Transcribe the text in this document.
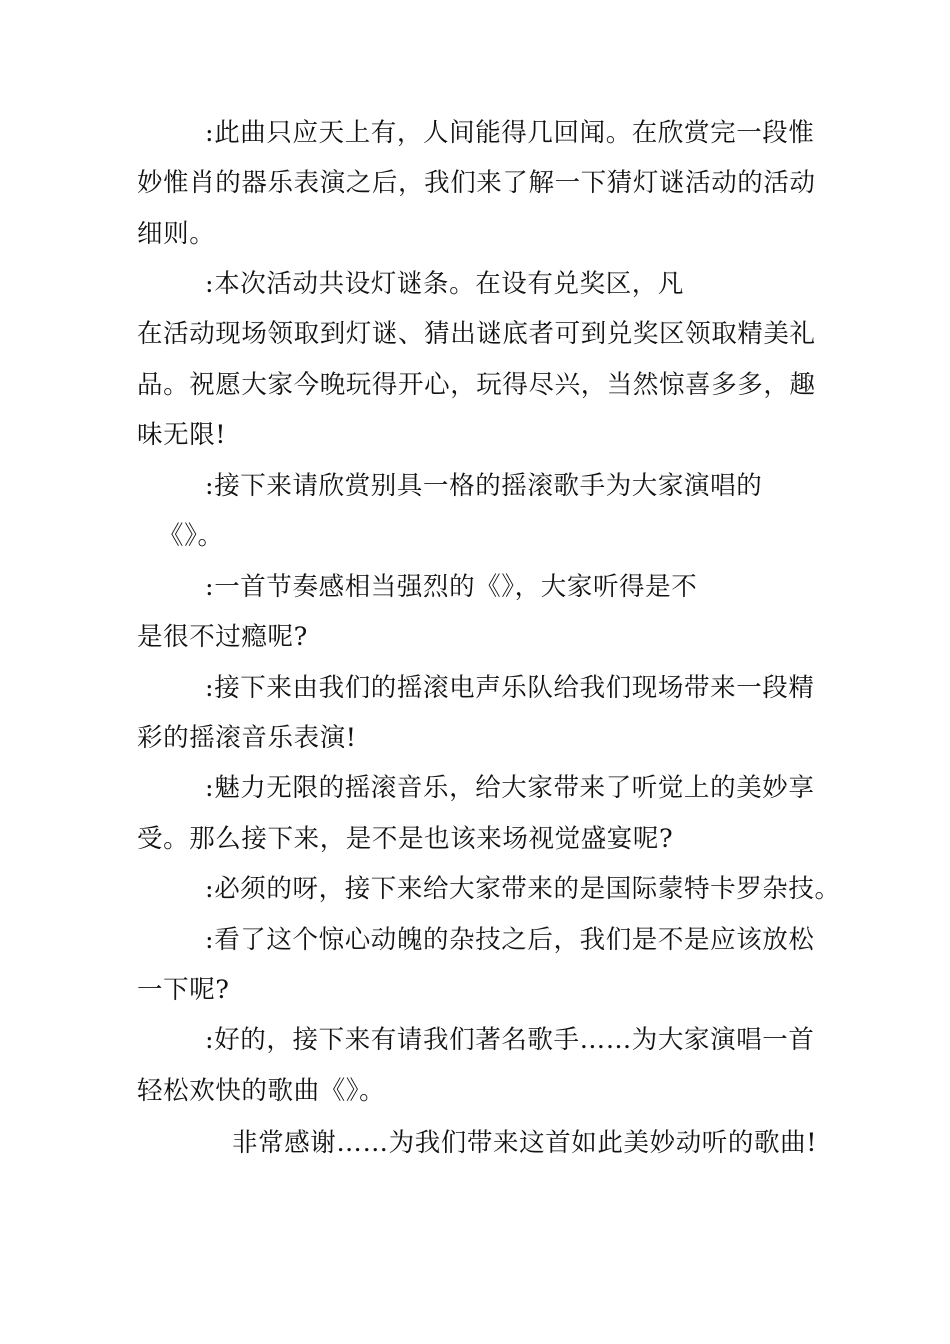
:此曲只应天上有，人间能得几回闻。在欣赏完一段惟
妙惟肖的器乐表演之后，我们来了解一下猜灯谜活动的活动
细则。
:本次活动共设灯谜条。在设有兑奖区，凡
在活动现场领取到灯谜、猜出谜底者可到兑奖区领取精美礼
品。祝愿大家今晚玩得开心，玩得尽兴，当然惊喜多多，趣
味无限!
:接下来请欣赏别具一格的摇滚歌手为大家演唱的
《》。
:一首节奏感相当强烈的《》，大家听得是不
是很不过瘾呢?
:接下来由我们的摇滚电声乐队给我们现场带来一段精
彩的摇滚音乐表演!
:魅力无限的摇滚音乐，给大家带来了听觉上的美妙享
受。那么接下来，是不是也该来场视觉盛宴呢?
:必须的呀，接下来给大家带来的是国际蒙特卡罗杂技。
:看了这个惊心动魄的杂技之后，我们是不是应该放松
一下呢?
:好的，接下来有请我们著名歌手……为大家演唱一首
轻松欢快的歌曲《》。
非常感谢……为我们带来这首如此美妙动听的歌曲!
